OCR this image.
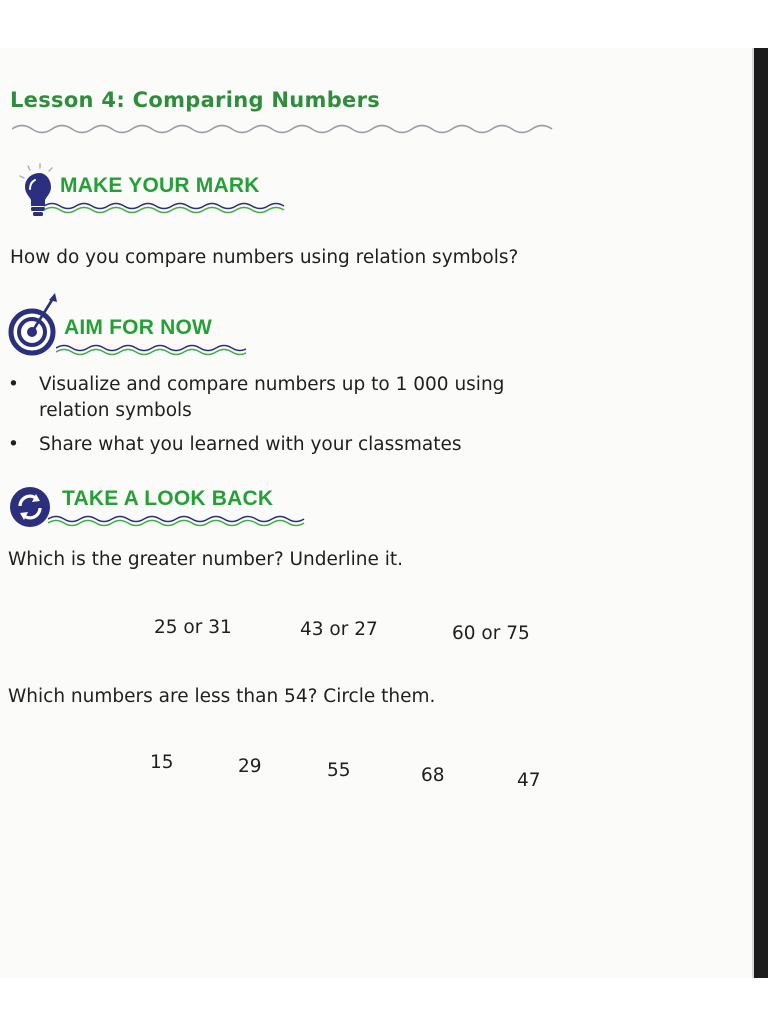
Lesson 4: Comparing Numbers
MAKE YOUR MARK

How do you compare numbers using relation symbols?

AIM FOR NOW
• Visualize and compare numbers up to 1 000 using
relation symbols
• Share what you learned with your classmates
TAKE A LOOK BACK

Which is the greater number? Underline it.

25 or 31	43 or 27	60 or 75

Which numbers are less than 54? Circle them.

15	29	55	68	47
